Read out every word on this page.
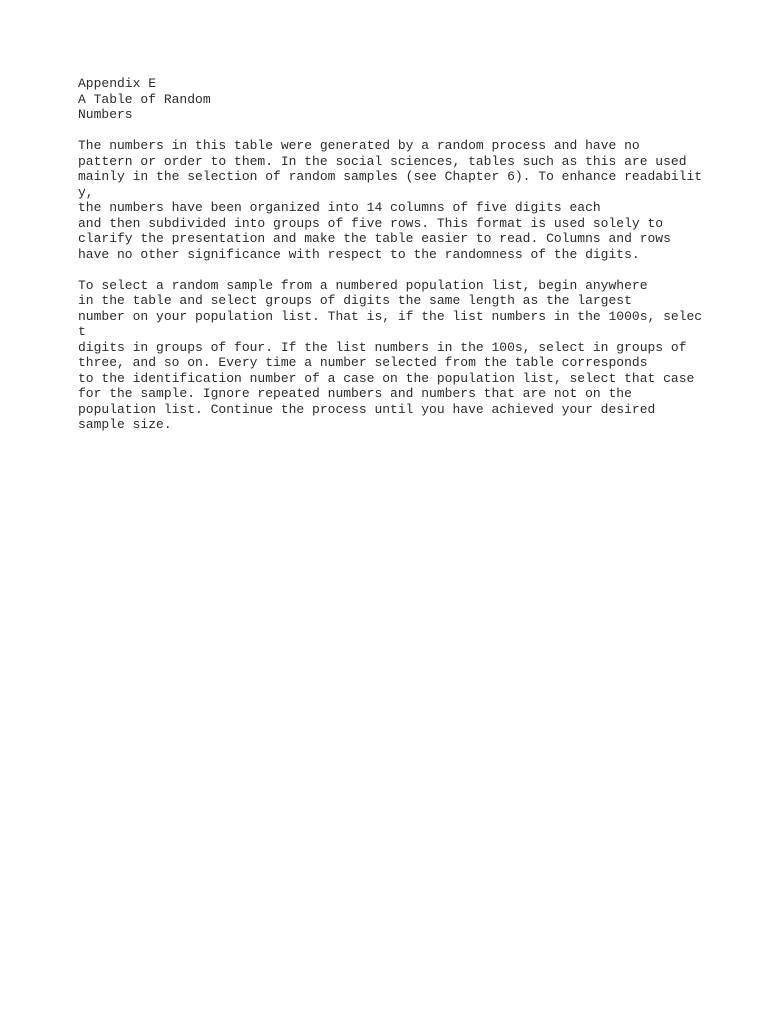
Appendix E

A Table of Random

Numbers

The numbers in this table were generated by a random process and have no

pattern or order to them. In the social sciences, tables such as this are used

mainly in the selection of random samples (see Chapter 6). To enhance readabilit

y,

the numbers have been organized into 14 columns of five digits each

and then subdivided into groups of five rows. This format is used solely to

clarify the presentation and make the table easier to read. Columns and rows

have no other significance with respect to the randomness of the digits.

To select a random sample from a numbered population list, begin anywhere

in the table and select groups of digits the same length as the largest

number on your population list. That is, if the list numbers in the 1000s, selec

t

digits in groups of four. If the list numbers in the 100s, select in groups of

three, and so on. Every time a number selected from the table corresponds

to the identification number of a case on the population list, select that case

for the sample. Ignore repeated numbers and numbers that are not on the

population list. Continue the process until you have achieved your desired

sample size.
